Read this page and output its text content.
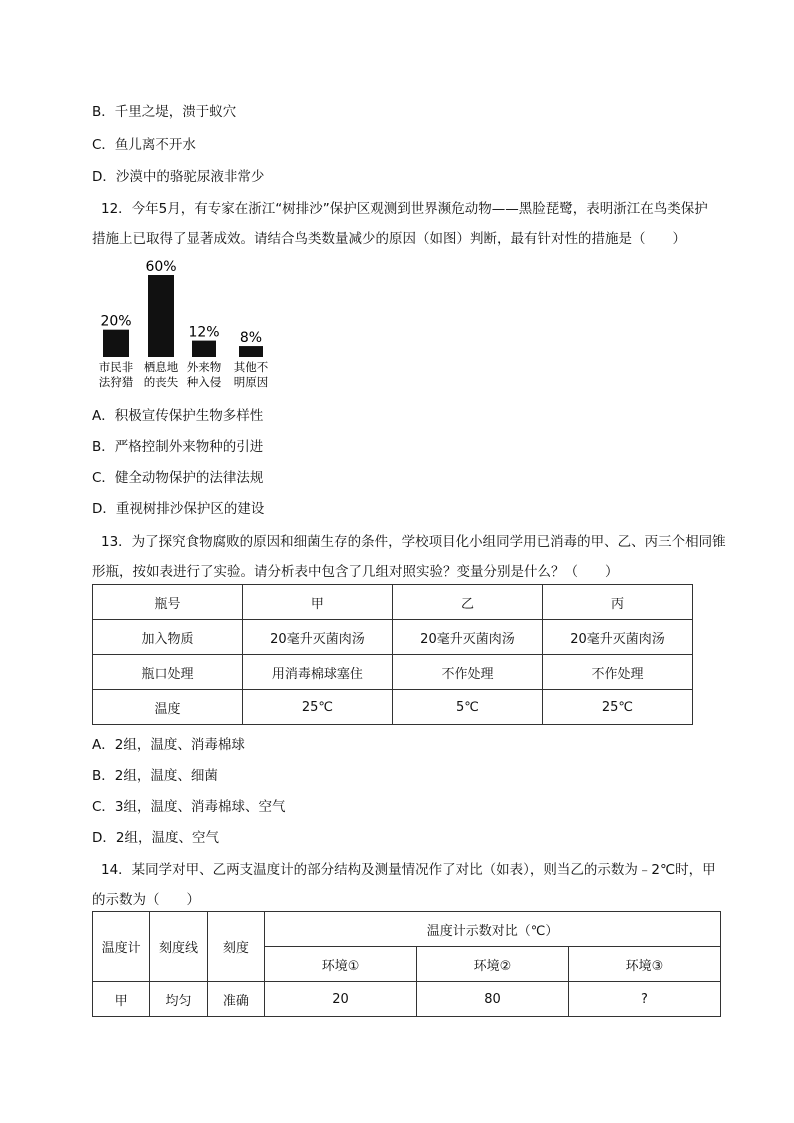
B．千里之堤，溃于蚁穴
C．鱼儿离不开水
D．沙漠中的骆驼尿液非常少
12．今年5月，有专家在浙江“树排沙”保护区观测到世界濒危动物——黑脸琵鹭，表明浙江在鸟类保护
措施上已取得了显著成效。请结合鸟类数量减少的原因（如图）判断，最有针对性的措施是（　　）
20%
市民非
法狩猎
60%
栖息地
的丧失
12%
外来物
种入侵
8%
其他不
明原因
A．积极宣传保护生物多样性
B．严格控制外来物种的引进
C．健全动物保护的法律法规
D．重视树排沙保护区的建设
13．为了探究食物腐败的原因和细菌生存的条件，学校项目化小组同学用已消毒的甲、乙、丙三个相同锥
形瓶，按如表进行了实验。请分析表中包含了几组对照实验？变量分别是什么？（　　）
瓶号	甲	乙	丙
加入物质	20毫升灭菌肉汤	20毫升灭菌肉汤	20毫升灭菌肉汤
瓶口处理	用消毒棉球塞住	不作处理	不作处理
温度	25℃	5℃	25℃
A．2组，温度、消毒棉球
B．2组，温度、细菌
C．3组，温度、消毒棉球、空气
D．2组，温度、空气
14．某同学对甲、乙两支温度计的部分结构及测量情况作了对比（如表），则当乙的示数为﹣2℃时，甲
的示数为（　　）
温度计	刻度线	刻度	温度计示数对比（℃）		
			环境①	环境②	环境③
甲	均匀	准确	20	80	?
